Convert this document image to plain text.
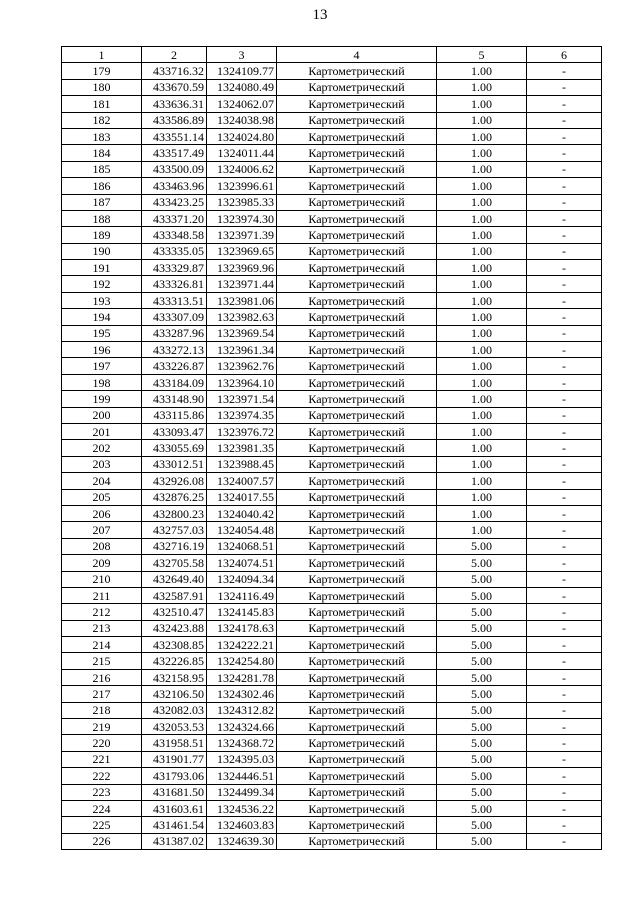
13
1	2	3	4	5	6
179	433716.32	1324109.77	Картометрический	1.00	-
180	433670.59	1324080.49	Картометрический	1.00	-
181	433636.31	1324062.07	Картометрический	1.00	-
182	433586.89	1324038.98	Картометрический	1.00	-
183	433551.14	1324024.80	Картометрический	1.00	-
184	433517.49	1324011.44	Картометрический	1.00	-
185	433500.09	1324006.62	Картометрический	1.00	-
186	433463.96	1323996.61	Картометрический	1.00	-
187	433423.25	1323985.33	Картометрический	1.00	-
188	433371.20	1323974.30	Картометрический	1.00	-
189	433348.58	1323971.39	Картометрический	1.00	-
190	433335.05	1323969.65	Картометрический	1.00	-
191	433329.87	1323969.96	Картометрический	1.00	-
192	433326.81	1323971.44	Картометрический	1.00	-
193	433313.51	1323981.06	Картометрический	1.00	-
194	433307.09	1323982.63	Картометрический	1.00	-
195	433287.96	1323969.54	Картометрический	1.00	-
196	433272.13	1323961.34	Картометрический	1.00	-
197	433226.87	1323962.76	Картометрический	1.00	-
198	433184.09	1323964.10	Картометрический	1.00	-
199	433148.90	1323971.54	Картометрический	1.00	-
200	433115.86	1323974.35	Картометрический	1.00	-
201	433093.47	1323976.72	Картометрический	1.00	-
202	433055.69	1323981.35	Картометрический	1.00	-
203	433012.51	1323988.45	Картометрический	1.00	-
204	432926.08	1324007.57	Картометрический	1.00	-
205	432876.25	1324017.55	Картометрический	1.00	-
206	432800.23	1324040.42	Картометрический	1.00	-
207	432757.03	1324054.48	Картометрический	1.00	-
208	432716.19	1324068.51	Картометрический	5.00	-
209	432705.58	1324074.51	Картометрический	5.00	-
210	432649.40	1324094.34	Картометрический	5.00	-
211	432587.91	1324116.49	Картометрический	5.00	-
212	432510.47	1324145.83	Картометрический	5.00	-
213	432423.88	1324178.63	Картометрический	5.00	-
214	432308.85	1324222.21	Картометрический	5.00	-
215	432226.85	1324254.80	Картометрический	5.00	-
216	432158.95	1324281.78	Картометрический	5.00	-
217	432106.50	1324302.46	Картометрический	5.00	-
218	432082.03	1324312.82	Картометрический	5.00	-
219	432053.53	1324324.66	Картометрический	5.00	-
220	431958.51	1324368.72	Картометрический	5.00	-
221	431901.77	1324395.03	Картометрический	5.00	-
222	431793.06	1324446.51	Картометрический	5.00	-
223	431681.50	1324499.34	Картометрический	5.00	-
224	431603.61	1324536.22	Картометрический	5.00	-
225	431461.54	1324603.83	Картометрический	5.00	-
226	431387.02	1324639.30	Картометрический	5.00	-
